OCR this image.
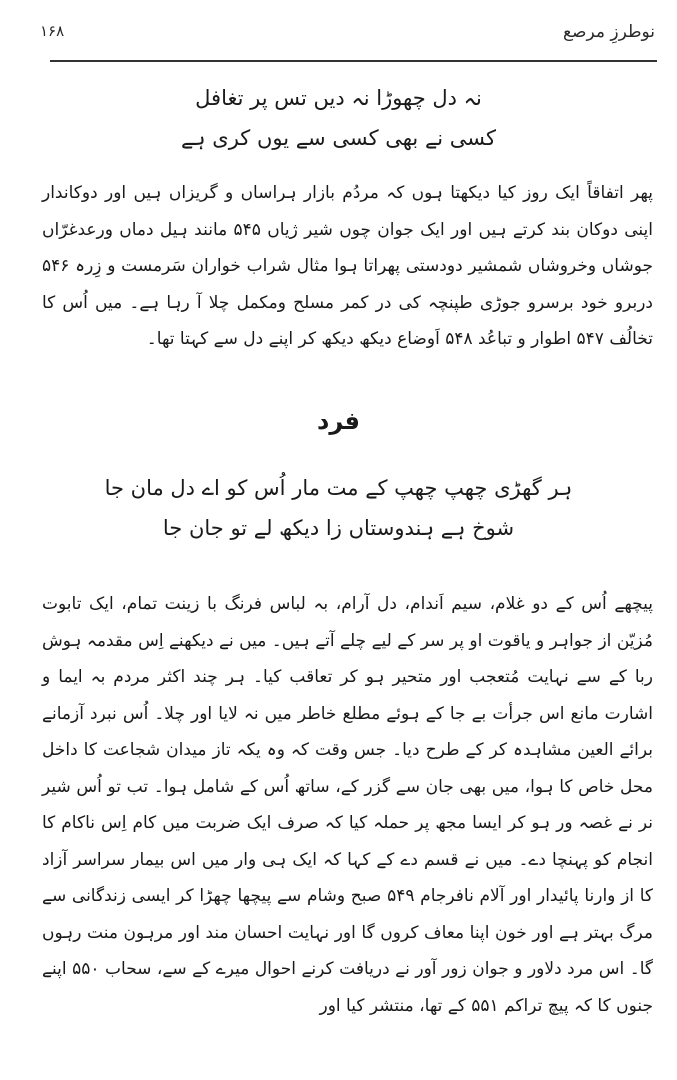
۱۶۸	نوطرزِ مرصع
نہ دل چھوڑا نہ دیں تس پر تغافل
کسی نے بھی کسی سے یوں کری ہے

پھر اتفاقاً ایک روز کیا دیکھتا ہوں کہ مردُم بازار ہراساں و گریزاں ہیں اور دوکاندار اپنی دوکان بند کرتے ہیں اور ایک جوان چوں شیر ژیاں ۵۴۵ مانند ہیل دماں ورعدغرّاں جوشاں وخروشاں شمشیر دودستی پھراتا ہوا مثال شراب خواران سَرمست و زِرہ ۵۴۶ دربرو خود برسرو جوڑی طپنچہ کی در کمر مسلح ومکمل چلا آ رہا ہے۔ میں اُس کا تخالُف ۵۴۷ اطوار و تباعُد ۵۴۸ اَوضاع دیکھ دیکھ کر اپنے دل سے کہتا تھا۔

فرد
ہر گھڑی چھپ چھپ کے مت مار اُس کو اے دل مان جا
شوخ ہے ہندوستاں زا دیکھ لے تو جان جا

پیچھے اُس کے دو غلام، سیم اَندام، دل آرام، بہ لباس فرنگ با زینت تمام، ایک تابوت مُزیّن از جواہر و یاقوت او پر سر کے لیے چلے آتے ہیں۔ میں نے دیکھنے اِس مقدمہ ہوش ربا کے سے نہایت مُتعجب اور متحیر ہو کر تعاقب کیا۔ ہر چند اکثر مردم بہ ایما و اشارت مانع اس جرأت بے جا کے ہوئے مطلع خاطر میں نہ لایا اور چلا۔ اُس نبرد آزمانے برائے العین مشاہدہ کر کے طرح دیا۔ جس وقت کہ وہ یکہ تاز میدان شجاعت کا داخل محل خاص کا ہوا، میں بھی جان سے گزر کے، ساتھ اُس کے شامل ہوا۔ تب تو اُس شیر نر نے غصہ ور ہو کر ایسا مجھ پر حملہ کیا کہ صرف ایک ضربت میں کام اِس ناکام کا انجام کو پہنچا دے۔ میں نے قسم دے کے کہا کہ ایک ہی وار میں اس بیمار سراسر آزاد کا از وارنا پائیدار اور آلام نافرجام ۵۴۹ صبح وشام سے پیچھا چھڑا کر ایسی زندگانی سے مرگ بہتر ہے اور خون اپنا معاف کروں گا اور نہایت احسان مند اور مرہون منت رہوں گا۔ اس مرد دلاور و جوان زور آور نے دریافت کرنے احوال میرے کے سے، سحاب ۵۵۰ اپنے جنوں کا کہ پیچ تراکم ۵۵۱ کے تھا، منتشر کیا اور
